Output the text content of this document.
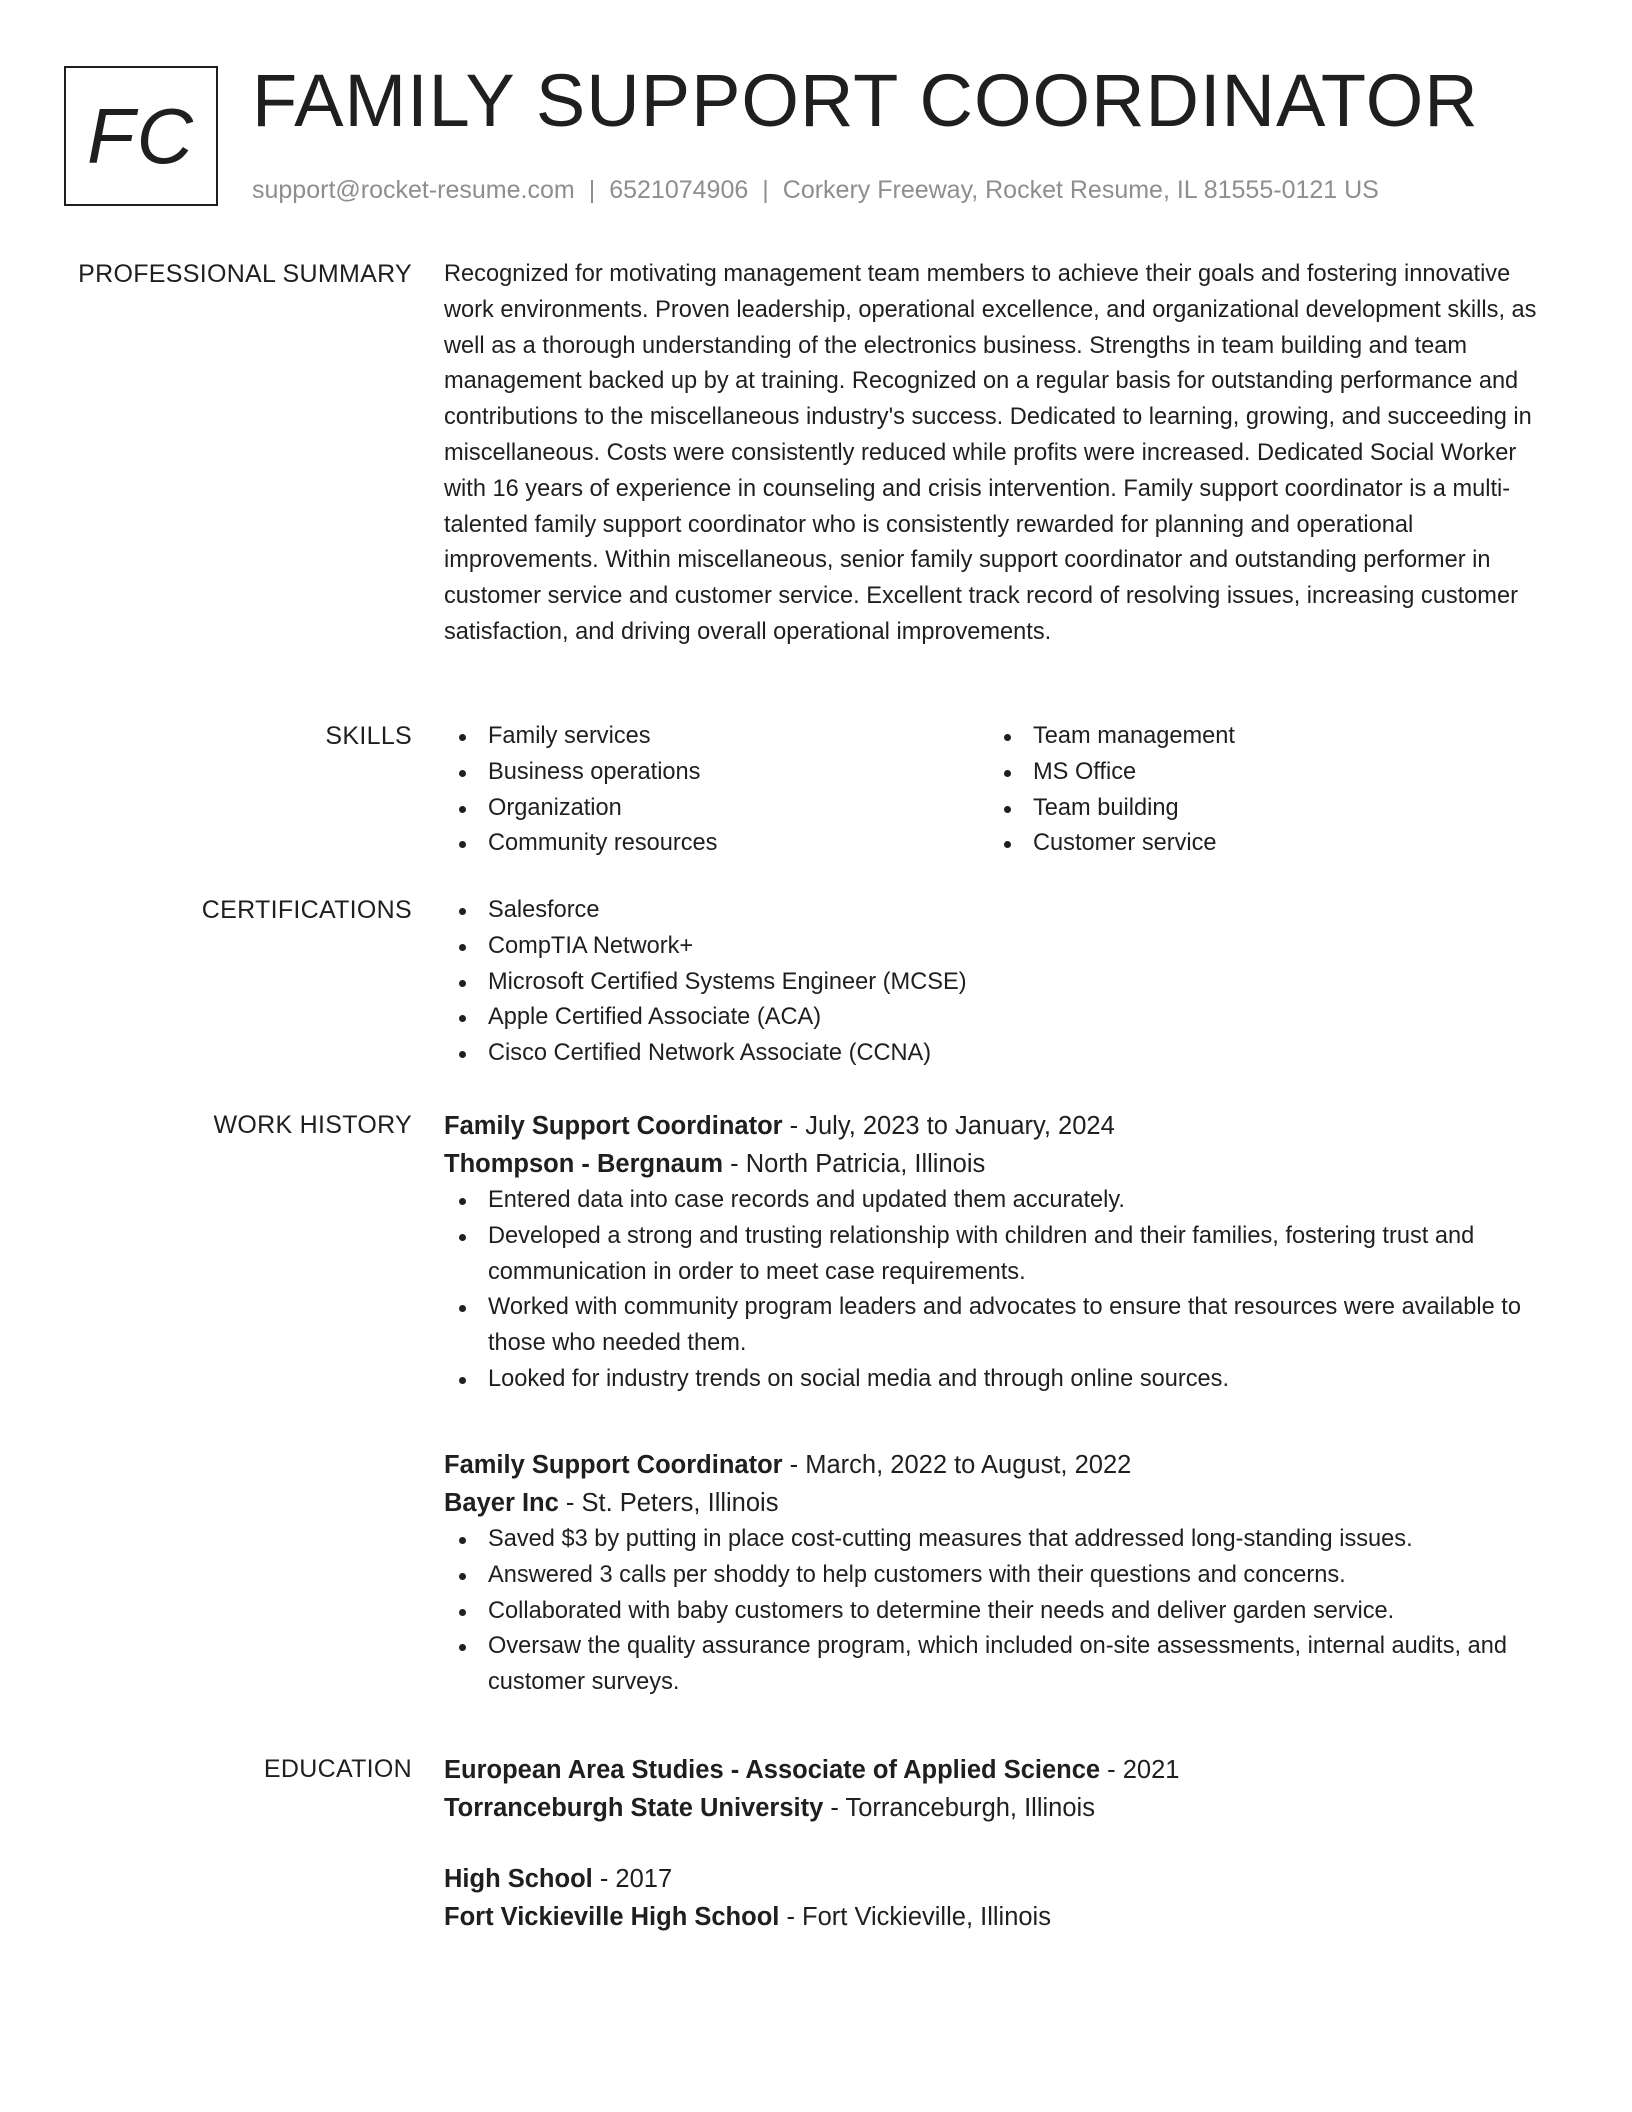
FC FAMILY SUPPORT COORDINATOR
support@rocket-resume.com | 6521074906 | Corkery Freeway, Rocket Resume, IL 81555-0121 US
PROFESSIONAL SUMMARY Recognized for motivating management team members to achieve their goals and fostering innovative work environments. Proven leadership, operational excellence, and organizational development skills, as well as a thorough understanding of the electronics business. Strengths in team building and team management backed up by at training. Recognized on a regular basis for outstanding performance and contributions to the miscellaneous industry's success. Dedicated to learning, growing, and succeeding in miscellaneous. Costs were consistently reduced while profits were increased. Dedicated Social Worker with 16 years of experience in counseling and crisis intervention. Family support coordinator is a multi-talented family support coordinator who is consistently rewarded for planning and operational improvements. Within miscellaneous, senior family support coordinator and outstanding performer in customer service and customer service. Excellent track record of resolving issues, increasing customer satisfaction, and driving overall operational improvements.

SKILLS	Family services
Business operations
Organization
Community resources
Team management
MS Office
Team building
Customer service
CERTIFICATIONS	Salesforce
CompTIA Network+
Microsoft Certified Systems Engineer (MCSE)
Apple Certified Associate (ACA)
Cisco Certified Network Associate (CCNA)
WORK HISTORY Family Support Coordinator - July, 2023 to January, 2024
Thompson - Bergnaum - North Patricia, Illinois
Entered data into case records and updated them accurately.
Developed a strong and trusting relationship with children and their families, fostering trust and communication in order to meet case requirements.
Worked with community program leaders and advocates to ensure that resources were available to those who needed them.
Looked for industry trends on social media and through online sources.
Family Support Coordinator - March, 2022 to August, 2022
Bayer Inc - St. Peters, Illinois
Saved $3 by putting in place cost-cutting measures that addressed long-standing issues.
Answered 3 calls per shoddy to help customers with their questions and concerns.
Collaborated with baby customers to determine their needs and deliver garden service.
Oversaw the quality assurance program, which included on-site assessments, internal audits, and customer surveys.
EDUCATION European Area Studies - Associate of Applied Science - 2021
Torranceburgh State University - Torranceburgh, Illinois
High School - 2017
Fort Vickieville High School - Fort Vickieville, Illinois
